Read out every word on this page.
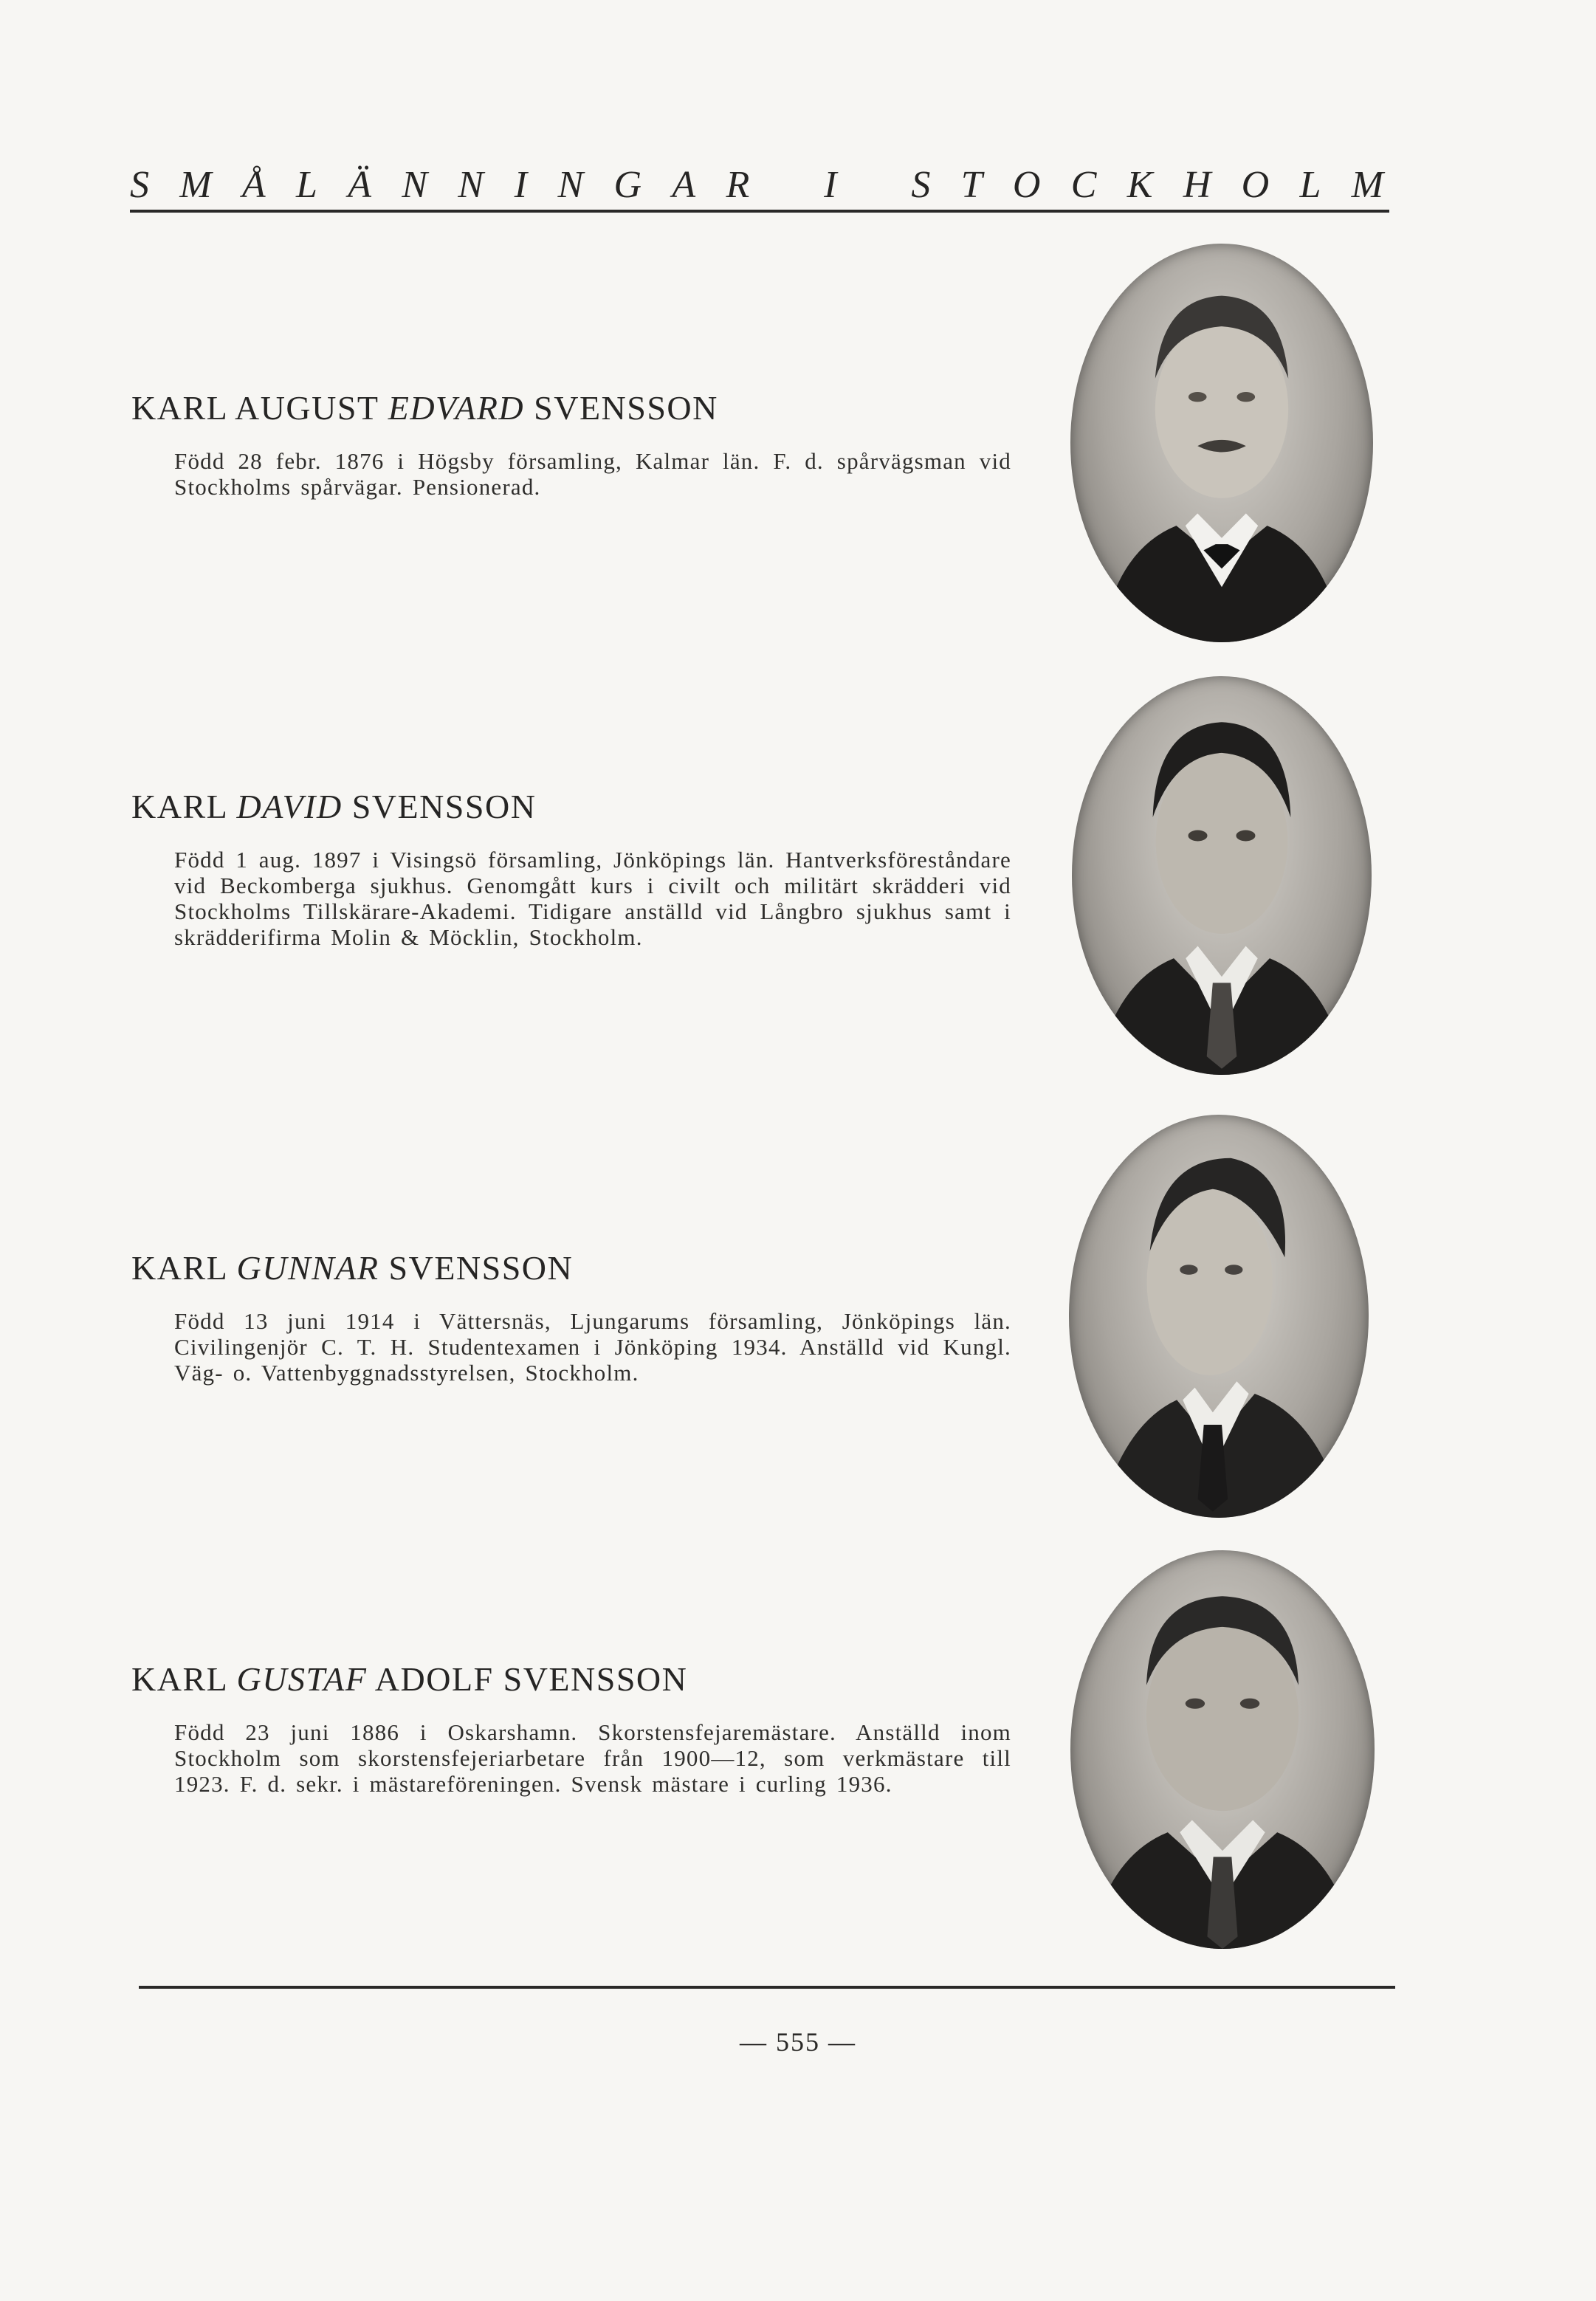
S M Å L Ä N N I N G A R I S T O C K H O L M
KARL AUGUST EDVARD SVENSSON
Född 28 febr. 1876 i Högsby församling, Kalmar län. F. d. spårvägsman vid Stockholms spårvägar. Pensionerad.
KARL DAVID SVENSSON
Född 1 aug. 1897 i Visingsö församling, Jönköpings län. Hantverksföreståndare vid Beckomberga sjukhus. Genomgått kurs i civilt och militärt skrädderi vid Stockholms Tillskärare-Akademi. Tidigare anställd vid Långbro sjukhus samt i skrädderifirma Molin & Möcklin, Stockholm.
KARL GUNNAR SVENSSON
Född 13 juni 1914 i Vättersnäs, Ljungarums församling, Jönköpings län. Civilingenjör C. T. H. Studentexamen i Jönköping 1934. Anställd vid Kungl. Väg- o. Vattenbyggnadsstyrelsen, Stockholm.
KARL GUSTAF ADOLF SVENSSON
Född 23 juni 1886 i Oskarshamn. Skorstensfejaremästare. Anställd inom Stockholm som skorstensfejeriarbetare från 1900—12, som verkmästare till 1923. F. d. sekr. i mästareföreningen. Svensk mästare i curling 1936.
— 555 —
